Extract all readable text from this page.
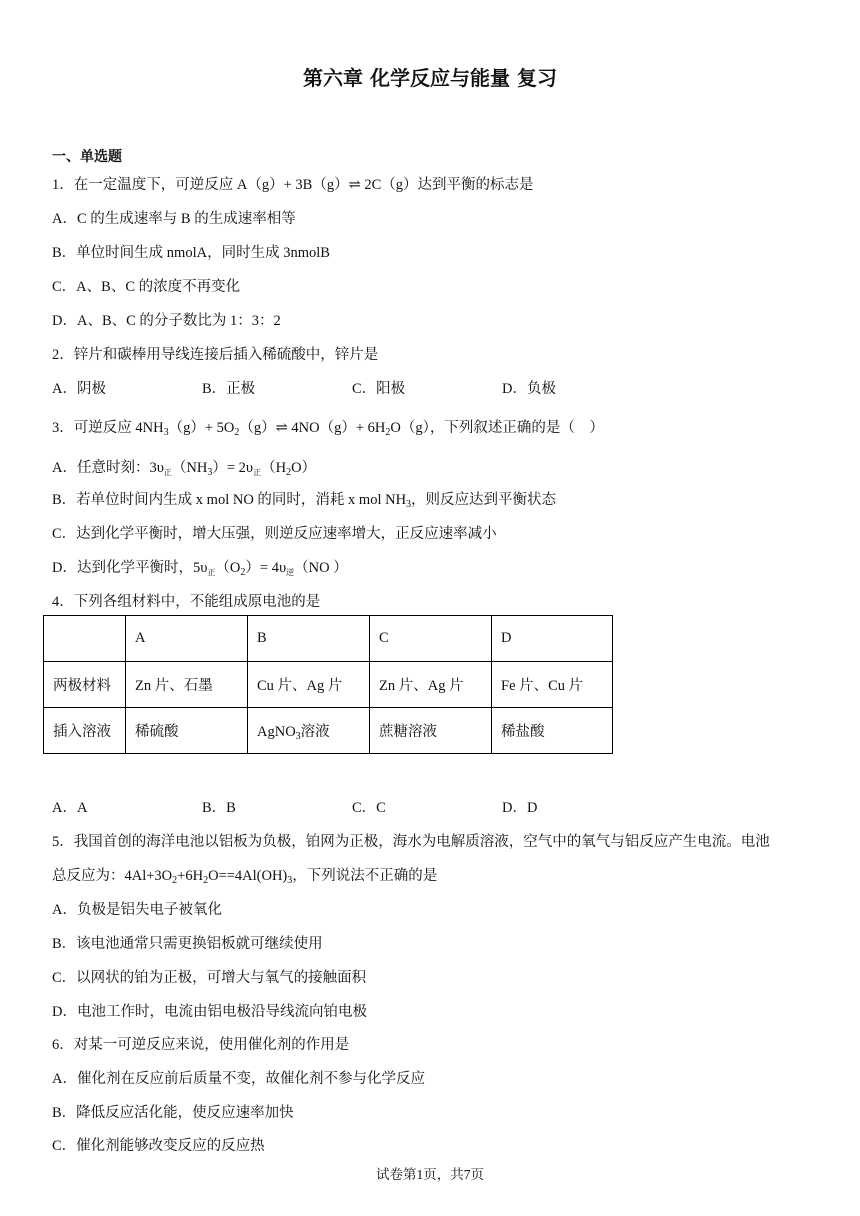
第六章 化学反应与能量 复习
一、单选题
1．在一定温度下，可逆反应 A（g）+ 3B（g）⇌ 2C（g）达到平衡的标志是
A．C 的生成速率与 B 的生成速率相等
B．单位时间生成 nmolA，同时生成 3nmolB
C．A、B、C 的浓度不再变化
D．A、B、C 的分子数比为 1：3：2
2．锌片和碳棒用导线连接后插入稀硫酸中，锌片是
A．阴极	B．正极	C．阳极	D．负极
3．可逆反应 $4NH_3(g)+$ $5O_2(g)\rightleftharpoons$ $4NO(g)+ 6H_2O(g)$，下列叙述正确的是（　）
A．任意时刻：$3\upsilon_正(NH_3)= 2\upsilon_正(H_2O)$
B．若单位时间内生成 x mol NO 的同时，消耗 x mol $NH_3$，则反应达到平衡状态
C．达到化学平衡时，增大压强，则逆反应速率增大，正反应速率减小
D．达到化学平衡时，$5\upsilon_正(O_2)= 4\upsilon_逆(NO$ ）
4．下列各组材料中，不能组成原电池的是
	A	B	C	D
两极材料	Zn 片、石墨	Cu 片、Ag 片	Zn 片、Ag 片	Fe 片、Cu 片
插入溶液	稀硫酸	AgNO$_3$溶液	蔗糖溶液	稀盐酸
A．A	B．B	C．C	D．D
5．我国首创的海洋电池以铝板为负极，铂网为正极，海水为电解质溶液，空气中的氧气与铝反应产生电流。电池
总反应为：$4Al+3O_2+6H_2O==4Al(OH)_3$，下列说法不正确的是
A．负极是铝失电子被氧化
B．该电池通常只需更换铝板就可继续使用
C．以网状的铂为正极，可增大与氧气的接触面积
D．电池工作时，电流由铝电极沿导线流向铂电极
6．对某一可逆反应来说，使用催化剂的作用是
A．催化剂在反应前后质量不变，故催化剂不参与化学反应
B．降低反应活化能，使反应速率加快
C．催化剂能够改变反应的反应热
试卷第1页，共7页
